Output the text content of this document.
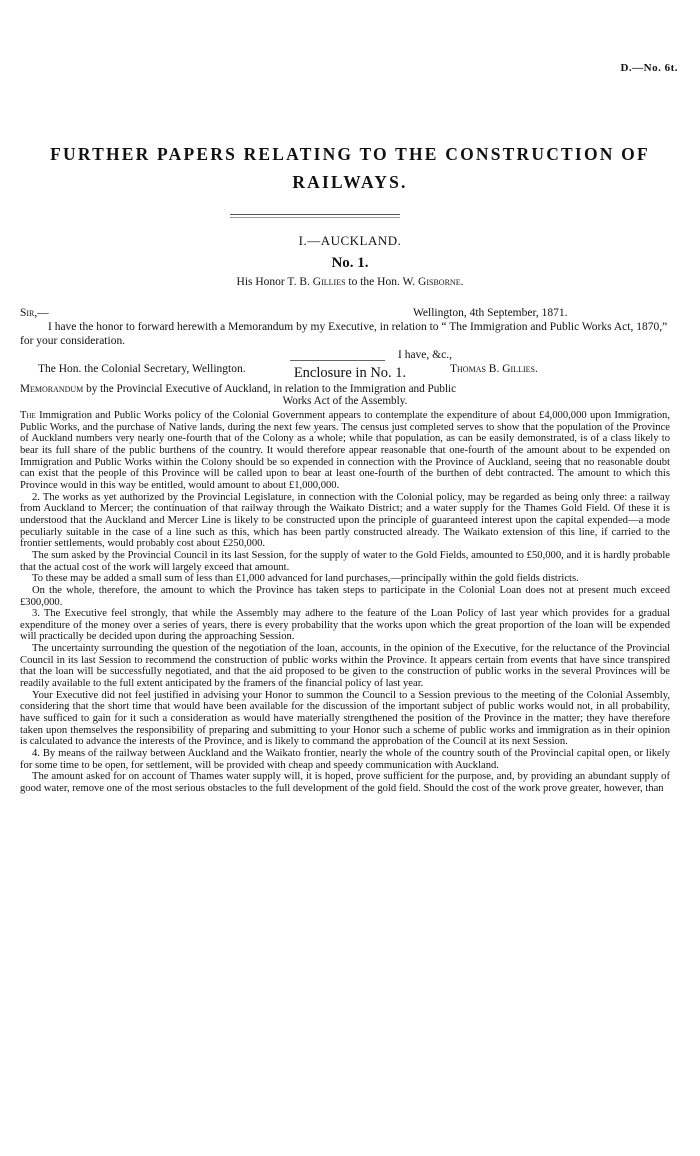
D.—No. 6t.
FURTHER PAPERS RELATING TO THE CONSTRUCTION OF
RAILWAYS.
I.—AUCKLAND.
No. 1.
His Honor T. B. Gillies to the Hon. W. Gisborne.
Sir,—	Wellington, 4th September, 1871.
I have the honor to forward herewith a Memorandum by my Executive, in relation to “ The Immigration and Public Works Act, 1870,” for your consideration.
I have, &c.,
The Hon. the Colonial Secretary, Wellington.	Thomas B. Gillies.
Enclosure in No. 1.
Memorandum by the Provincial Executive of Auckland, in relation to the Immigration and Public
Works Act of the Assembly.

The Immigration and Public Works policy of the Colonial Government appears to contemplate the expenditure of about £4,000,000 upon Immigration, Public Works, and the purchase of Native lands, during the next few years. The census just completed serves to show that the population of the Province of Auckland numbers very nearly one-fourth that of the Colony as a whole; while that population, as can be easily demonstrated, is of a class likely to bear its full share of the public burthens of the country. It would therefore appear reasonable that one-fourth of the amount about to be expended on Immigration and Public Works within the Colony should be so expended in connection with the Province of Auckland, seeing that no reasonable doubt can exist that the people of this Province will be called upon to bear at least one-fourth of the burthen of debt contracted. The amount to which this Province would in this way be entitled, would amount to about £1,000,000.

2. The works as yet authorized by the Provincial Legislature, in connection with the Colonial policy, may be regarded as being only three: a railway from Auckland to Mercer; the continuation of that railway through the Waikato District; and a water supply for the Thames Gold Field. Of these it is understood that the Auckland and Mercer Line is likely to be constructed upon the principle of guaranteed interest upon the capital expended—a mode peculiarly suitable in the case of a line such as this, which has been partly constructed already. The Waikato extension of this line, if carried to the frontier settlements, would probably cost about £250,000.

The sum asked by the Provincial Council in its last Session, for the supply of water to the Gold Fields, amounted to £50,000, and it is hardly probable that the actual cost of the work will largely exceed that amount.

To these may be added a small sum of less than £1,000 advanced for land purchases,—principally within the gold fields districts.

On the whole, therefore, the amount to which the Province has taken steps to participate in the Colonial Loan does not at present much exceed £300,000.

3. The Executive feel strongly, that while the Assembly may adhere to the feature of the Loan Policy of last year which provides for a gradual expenditure of the money over a series of years, there is every probability that the works upon which the great proportion of the loan will be expended will practically be decided upon during the approaching Session.

The uncertainty surrounding the question of the negotiation of the loan, accounts, in the opinion of the Executive, for the reluctance of the Provincial Council in its last Session to recommend the construction of public works within the Province. It appears certain from events that have since transpired that the loan will be successfully negotiated, and that the aid proposed to be given to the construction of public works in the several Provinces will be readily available to the full extent anticipated by the framers of the financial policy of last year.

Your Executive did not feel justified in advising your Honor to summon the Council to a Session previous to the meeting of the Colonial Assembly, considering that the short time that would have been available for the discussion of the important subject of public works would not, in all probability, have sufficed to gain for it such a consideration as would have materially strengthened the position of the Province in the matter; they have therefore taken upon themselves the responsibility of preparing and submitting to your Honor such a scheme of public works and immigration as in their opinion is calculated to advance the interests of the Province, and is likely to command the approbation of the Council at its next Session.

4. By means of the railway between Auckland and the Waikato frontier, nearly the whole of the country south of the Provincial capital open, or likely for some time to be open, for settlement, will be provided with cheap and speedy communication with Auckland.

The amount asked for on account of Thames water supply will, it is hoped, prove sufficient for the purpose, and, by providing an abundant supply of good water, remove one of the most serious obstacles to the full development of the gold field. Should the cost of the work prove greater, however, than
